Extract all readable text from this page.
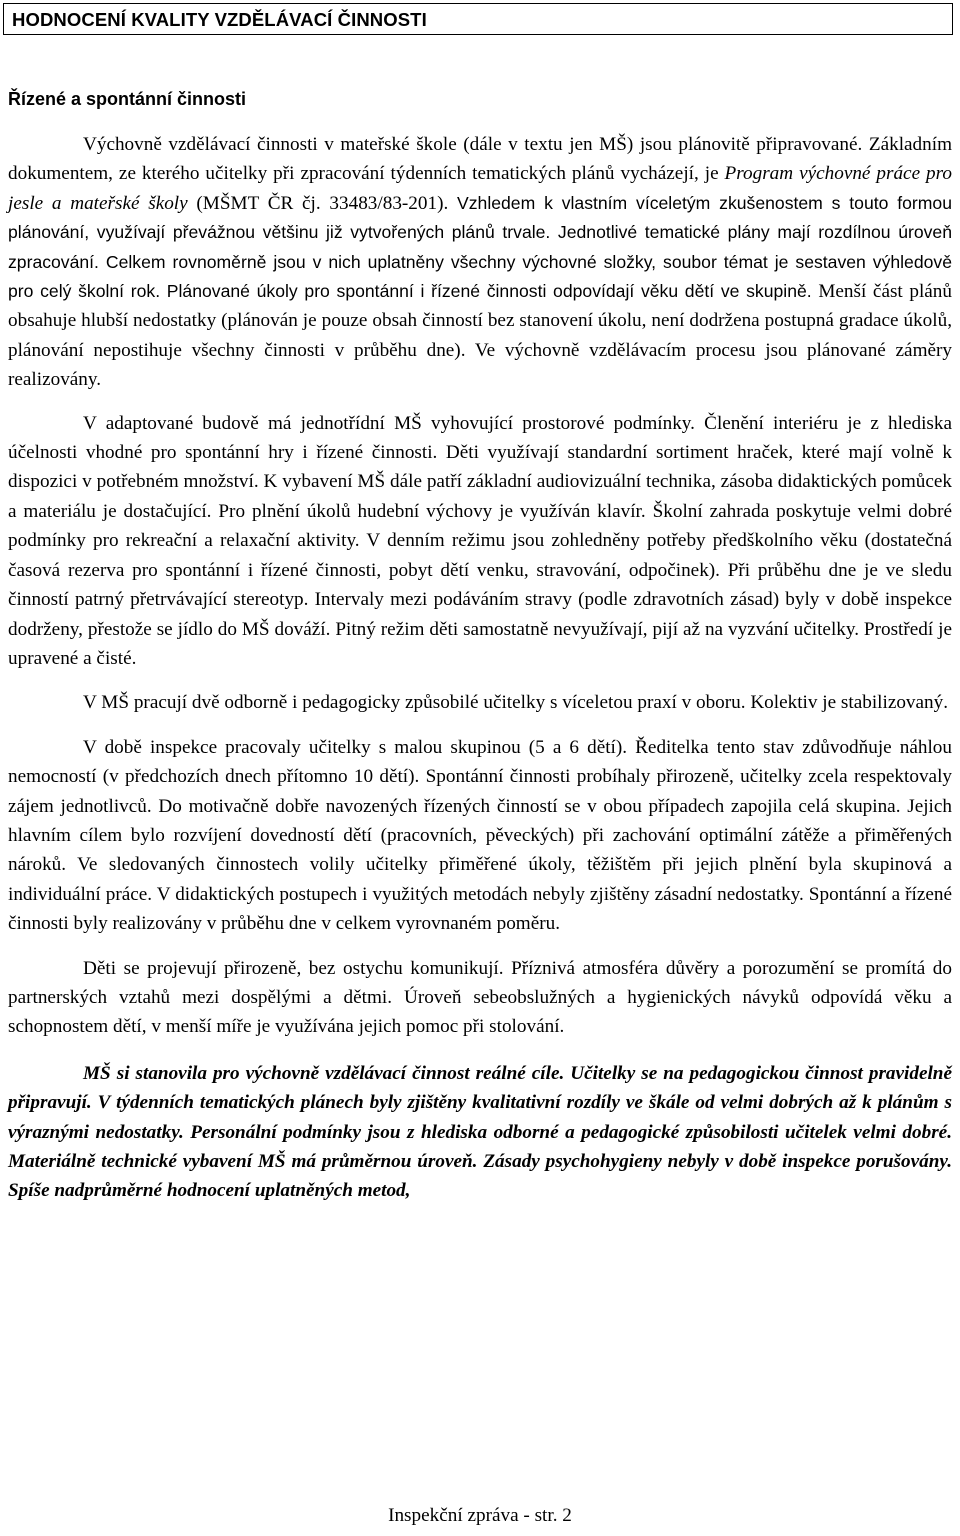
HODNOCENÍ KVALITY VZDĚLÁVACÍ ČINNOSTI
Řízené a spontánní činnosti

Výchovně vzdělávací činnosti v mateřské škole (dále v textu jen MŠ) jsou plánovitě připravované. Základním dokumentem, ze kterého učitelky při zpracování týdenních tematických plánů vycházejí, je Program výchovné práce pro jesle a mateřské školy (MŠMT ČR čj. 33483/83-201). Vzhledem k vlastním víceletým zkušenostem s touto formou plánování, využívají převážnou většinu již vytvořených plánů trvale. Jednotlivé tematické plány mají rozdílnou úroveň zpracování. Celkem rovnoměrně jsou v nich uplatněny všechny výchovné složky, soubor témat je sestaven výhledově pro celý školní rok. Plánované úkoly pro spontánní i řízené činnosti odpovídají věku dětí ve skupině. Menší část plánů obsahuje hlubší nedostatky (plánován je pouze obsah činností bez stanovení úkolu, není dodržena postupná gradace úkolů, plánování nepostihuje všechny činnosti v průběhu dne). Ve výchovně vzdělávacím procesu jsou plánované záměry realizovány.

V adaptované budově má jednotřídní MŠ vyhovující prostorové podmínky. Členění interiéru je z hlediska účelnosti vhodné pro spontánní hry i řízené činnosti. Děti využívají standardní sortiment hraček, které mají volně k dispozici v potřebném množství. K vybavení MŠ dále patří základní audiovizuální technika, zásoba didaktických pomůcek a materiálu je dostačující. Pro plnění úkolů hudební výchovy je využíván klavír. Školní zahrada poskytuje velmi dobré podmínky pro rekreační a relaxační aktivity. V denním režimu jsou zohledněny potřeby předškolního věku (dostatečná časová rezerva pro spontánní i řízené činnosti, pobyt dětí venku, stravování, odpočinek). Při průběhu dne je ve sledu činností patrný přetrvávající stereotyp. Intervaly mezi podáváním stravy (podle zdravotních zásad) byly v době inspekce dodrženy, přestože se jídlo do MŠ dováží. Pitný režim děti samostatně nevyužívají, pijí až na vyzvání učitelky. Prostředí je upravené a čisté.

V MŠ pracují dvě odborně i pedagogicky způsobilé učitelky s víceletou praxí v oboru. Kolektiv je stabilizovaný.

V době inspekce pracovaly učitelky s malou skupinou (5 a 6 dětí). Ředitelka tento stav zdůvodňuje náhlou nemocností (v předchozích dnech přítomno 10 dětí). Spontánní činnosti probíhaly přirozeně, učitelky zcela respektovaly zájem jednotlivců. Do motivačně dobře navozených řízených činností se v obou případech zapojila celá skupina. Jejich hlavním cílem bylo rozvíjení dovedností dětí (pracovních, pěveckých) při zachování optimální zátěže a přiměřených nároků. Ve sledovaných činnostech volily učitelky přiměřené úkoly, těžištěm při jejich plnění byla skupinová a individuální práce. V didaktických postupech i využitých metodách nebyly zjištěny zásadní nedostatky. Spontánní a řízené činnosti byly realizovány v průběhu dne v celkem vyrovnaném poměru.

Děti se projevují přirozeně, bez ostychu komunikují. Příznivá atmosféra důvěry a porozumění se promítá do partnerských vztahů mezi dospělými a dětmi. Úroveň sebeobslužných a hygienických návyků odpovídá věku a schopnostem dětí, v menší míře je využívána jejich pomoc při stolování.

MŠ si stanovila pro výchovně vzdělávací činnost reálné cíle. Učitelky se na pedagogickou činnost pravidelně připravují. V týdenních tematických plánech byly zjištěny kvalitativní rozdíly ve škále od velmi dobrých až k plánům s výraznými nedostatky. Personální podmínky jsou z hlediska odborné a pedagogické způsobilosti učitelek velmi dobré. Materiálně technické vybavení MŠ má průměrnou úroveň. Zásady psychohygieny nebyly v době inspekce porušovány. Spíše nadprůměrné hodnocení uplatněných metod,

Inspekční zpráva - str. 2
